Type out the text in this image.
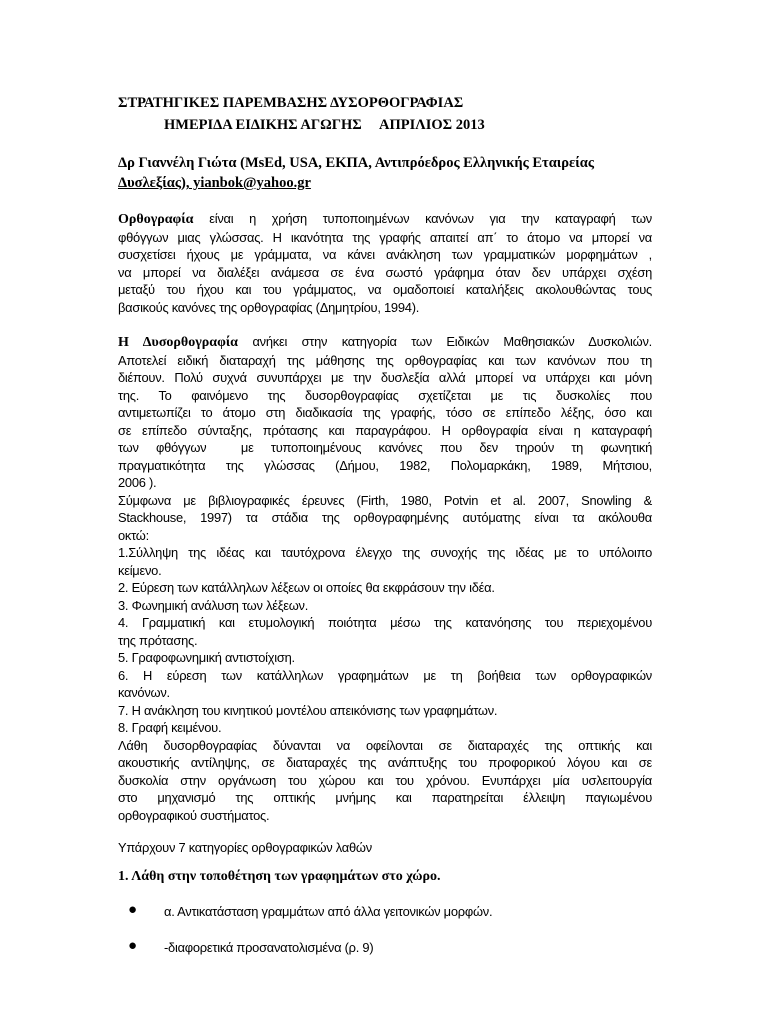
ΣΤΡΑΤΗΓΙΚΕΣ ΠΑΡΕΜΒΑΣΗΣ ΔΥΣΟΡΘΟΓΡΑΦΙΑΣ
ΗΜΕΡΙΔΑ ΕΙΔΙΚΗΣ ΑΓΩΓΗΣ     ΑΠΡΙΛΙΟΣ 2013
Δρ Γιαννέλη Γιώτα (MsEd, USA, ΕΚΠΑ, Αντιπρόεδρος Ελληνικής Εταιρείας
Δυσλεξίας), yianbok@yahoo.gr
Ορθογραφία είναι η χρήση τυποποιημένων κανόνων για την καταγραφή των
φθόγγων μιας γλώσσας. Η ικανότητα της γραφής απαιτεί απ΄ το άτομο να μπορεί να
συσχετίσει ήχους με γράμματα, να κάνει ανάκληση των γραμματικών μορφημάτων ,
να μπορεί να διαλέξει ανάμεσα σε ένα σωστό γράφημα όταν δεν υπάρχει σχέση
μεταξύ του ήχου και του γράμματος, να ομαδοποιεί καταλήξεις ακολουθώντας τους
βασικούς κανόνες της ορθογραφίας (Δημητρίου, 1994).
Η Δυσορθογραφία ανήκει στην κατηγορία των Ειδικών Μαθησιακών Δυσκολιών.
Αποτελεί ειδική διαταραχή της μάθησης της ορθογραφίας και των κανόνων που τη
διέπουν. Πολύ συχνά συνυπάρχει με την δυσλεξία αλλά μπορεί να υπάρχει και μόνη
της. Το φαινόμενο της δυσορθογραφίας σχετίζεται με τις δυσκολίες που
αντιμετωπίζει το άτομο στη διαδικασία της γραφής, τόσο σε επίπεδο λέξης, όσο και
σε επίπεδο σύνταξης, πρότασης και παραγράφου. Η ορθογραφία είναι η καταγραφή
των φθόγγων  με τυποποιημένους κανόνες που δεν τηρούν τη φωνητική
πραγματικότητα της γλώσσας (Δήμου, 1982, Πολομαρκάκη, 1989, Μήτσιου,
2006 ).
Σύμφωνα με βιβλιογραφικές έρευνες (Firth, 1980, Potvin et al. 2007, Snowling &
Stackhouse, 1997) τα στάδια της ορθογραφημένης αυτόματης είναι τα ακόλουθα
οκτώ:
1.Σύλληψη της ιδέας και ταυτόχρονα έλεγχο της συνοχής της ιδέας με το υπόλοιπο
κείμενο.
2. Εύρεση των κατάλληλων λέξεων οι οποίες θα εκφράσουν την ιδέα.
3. Φωνημική ανάλυση των λέξεων.
4. Γραμματική και ετυμολογική ποιότητα μέσω της κατανόησης του περιεχομένου
της πρότασης.
5. Γραφοφωνημική αντιστοίχιση.
6. Η εύρεση των κατάλληλων γραφημάτων με τη βοήθεια των ορθογραφικών
κανόνων.
7. Η ανάκληση του κινητικού μοντέλου απεικόνισης των γραφημάτων.
8. Γραφή κειμένου.
Λάθη δυσορθογραφίας δύνανται να οφείλονται σε διαταραχές της οπτικής και
ακουστικής αντίληψης, σε διαταραχές της ανάπτυξης του προφορικού λόγου και σε
δυσκολία στην οργάνωση του χώρου και του χρόνου. Ενυπάρχει μία υσλειτουργία
στο μηχανισμό της οπτικής μνήμης και παρατηρείται έλλειψη παγιωμένου
ορθογραφικού συστήματος.
Υπάρχουν 7 κατηγορίες ορθογραφικών λαθών
1. Λάθη στην τοποθέτηση των γραφημάτων στο χώρο.
● α. Αντικατάσταση γραμμάτων από άλλα γειτονικών μορφών.
● -διαφορετικά προσανατολισμένα (ρ. 9)
